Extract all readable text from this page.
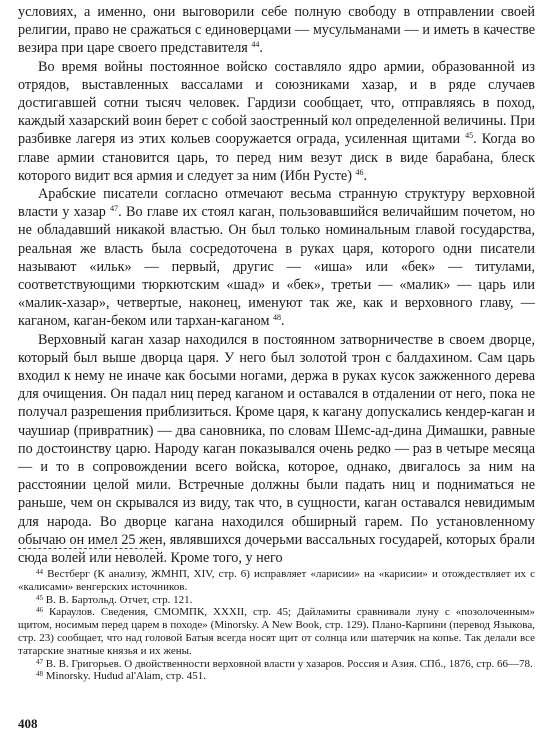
условиях, а именно, они выговорили себе полную свободу в отправлении своей религии, право не сражаться с единоверцами — мусульманами — и иметь в качестве везира при царе своего представителя $^{44}$.

Во время войны постоянное войско составляло ядро армии, образованной из отрядов, выставленных вассалами и союзниками хазар, и в ряде случаев достигавшей сотни тысяч человек. Гардизи сообщает, что, отправляясь в поход, каждый хазарский воин берет с собой заостренный кол определенной величины. При разбивке лагеря из этих кольев сооружается ограда, усиленная щитами $^{45}$. Когда во главе армии становится царь, то перед ним везут диск в виде барабана, блеск которого видит вся армия и следует за ним (Ибн Русте) $^{46}$.

Арабские писатели согласно отмечают весьма странную структуру верховной власти у хазар $^{47}$. Во главе их стоял каган, пользовавшийся величайшим почетом, но не обладавший никакой властью. Он был только номинальным главой государства, реальная же власть была сосредоточена в руках царя, которого одни писатели называют «ильк» — первый, другис — «иша» или «бек» — титулами, соответствующими тюркютским «шад» и «бек», третьи — «малик» — царь или «малик-хазар», четвертые, наконец, именуют так же, как и верховного главу, — каганом, каган-беком или тархан-каганом $^{48}$.

Верховный каган хазар находился в постоянном затворничестве в своем дворце, который был выше дворца царя. У него был золотой трон с балдахином. Сам царь входил к нему не иначе как босыми ногами, держа в руках кусок зажженного дерева для очищения. Он падал ниц перед каганом и оставался в отдалении от него, пока не получал разрешения приблизиться. Кроме царя, к кагану допускались кендер-каган и чаушиар (привратник) — два сановника, по словам Шемс-ад-дина Димашки, равные по достоинству царю. Народу каган показывался очень редко — раз в четыре месяца — и то в сопровождении всего войска, которое, однако, двигалось за ним на расстоянии целой мили. Встречные должны были падать ниц и подниматься не раньше, чем он скрывался из виду, так что, в сущности, каган оставался невидимым для народа. Во дворце кагана находился обширный гарем. По установленному обычаю он имел 25 жен, являвшихся дочерьми вассальных государей, которых брали сюда волей или неволей. Кроме того, у него

$^{44}$ Вестберг (К анализу, ЖМНП, XIV, стр. 6) исправляет «ларисии» на «карисии» и отождествляет их с «калисами» венгерских источников.

$^{45}$ В. В. Бартольд. Отчет, стр. 121.

$^{46}$ Караулов. Сведения, СМОМПК, XXXII, стр. 45; Дайламиты сравнивали луну с «позолоченным» щитом, носимым перед царем в походе» (Minorsky. A New Book, стр. 129). Плано-Карпини (перевод Языкова, стр. 23) сообщает, что над головой Батыя всегда носят щит от солнца или шатерчик на копье. Так делали все татарские знатные князья и их жены.

$^{47}$ В. В. Григорьев. О двойственности верховной власти у хазаров. Россия и Азия. СПб., 1876, стр. 66—78.

$^{48}$ Minorsky. Hudud al'Alam, стр. 451.

408
